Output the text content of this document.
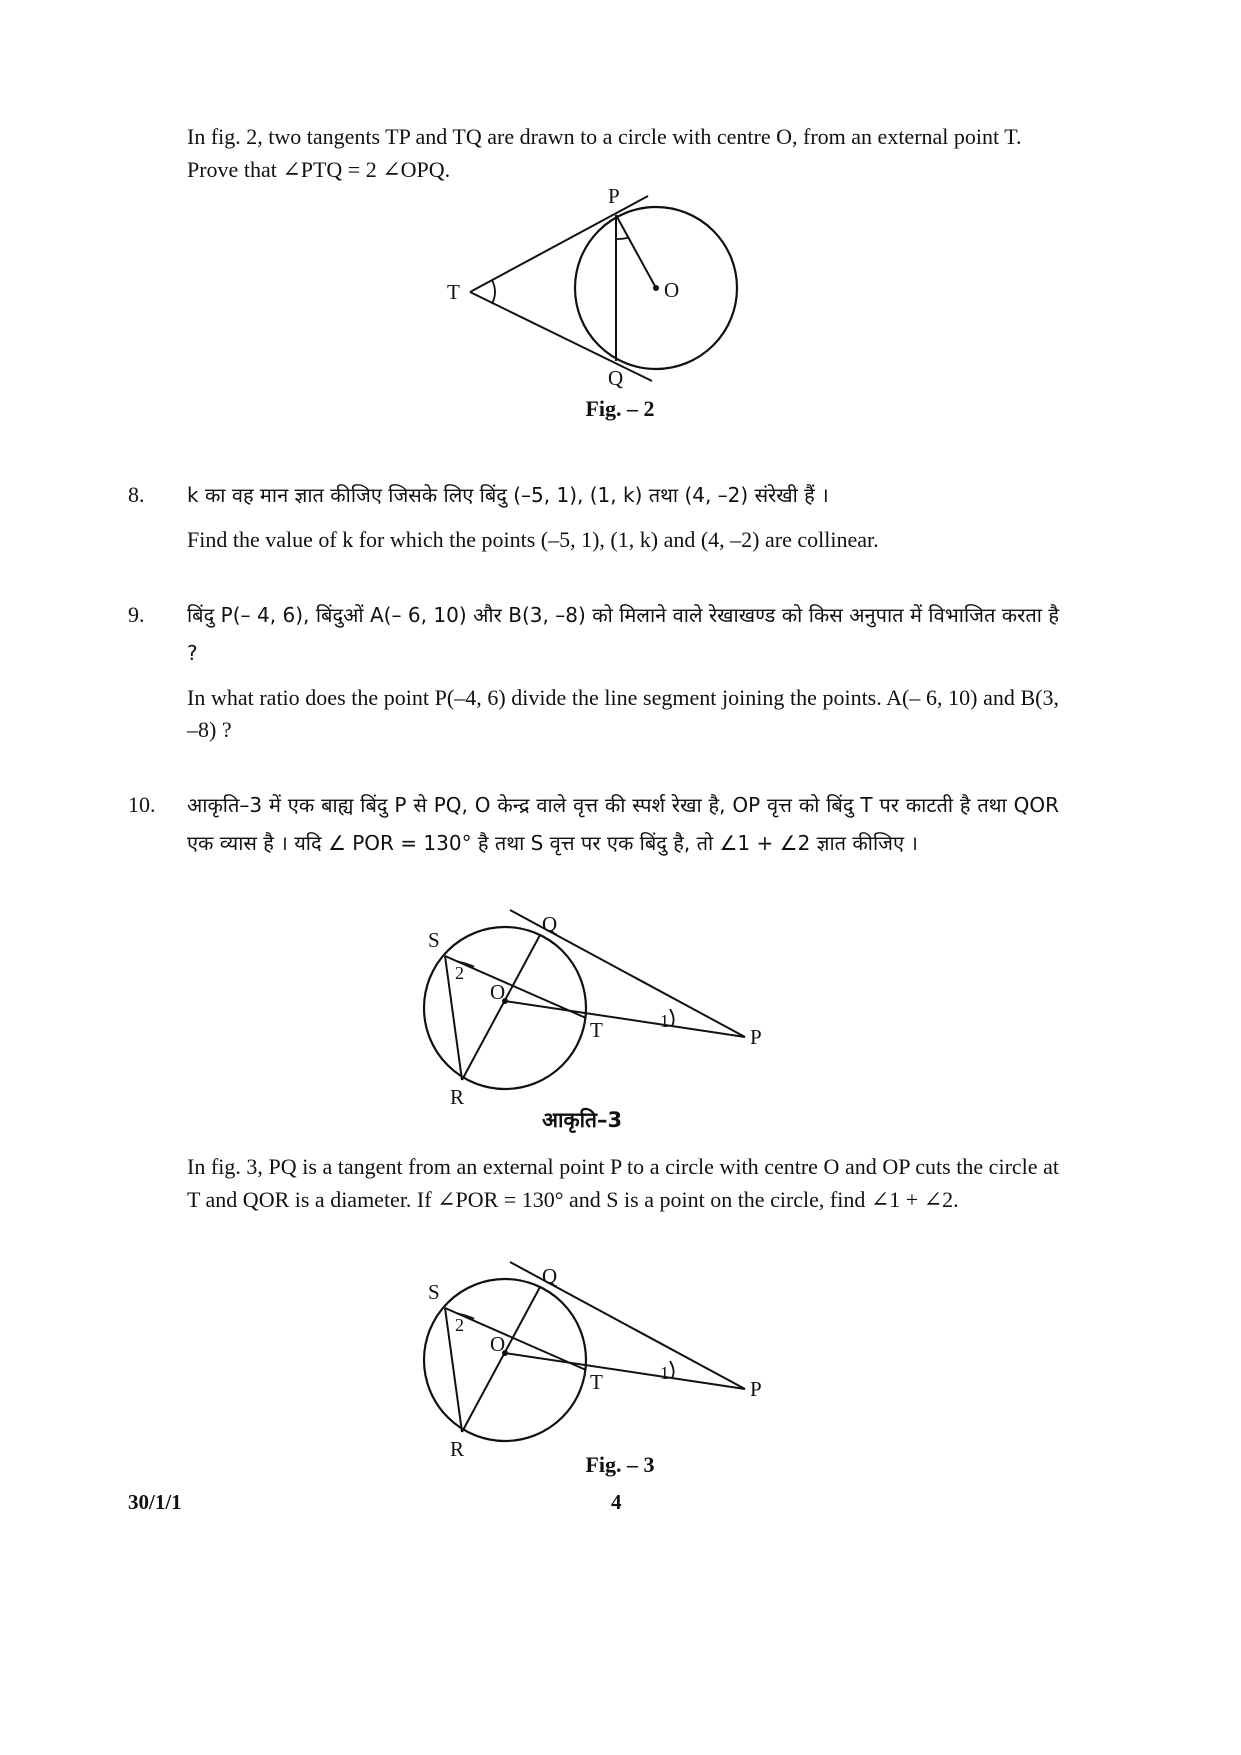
In fig. 2, two tangents TP and TQ are drawn to a circle with centre O, from an external point T. Prove that ∠PTQ = 2 ∠OPQ.
P
T	O
Q
Fig. – 2
8. k का वह मान ज्ञात कीजिए जिसके लिए बिंदु (–5, 1), (1, k) तथा (4, –2) संरेखी हैं ।
Find the value of k for which the points (–5, 1), (1, k) and (4, –2) are collinear.
9. बिंदु P(– 4, 6), बिंदुओं A(– 6, 10) और B(3, –8) को मिलाने वाले रेखाखण्ड को किस अनुपात में विभाजित करता है ?
In what ratio does the point P(–4, 6) divide the line segment joining the points. A(– 6, 10) and B(3, –8) ?
10. आकृति–3 में एक बाह्य बिंदु P से PQ, O केन्द्र वाले वृत्त की स्पर्श रेखा है, OP वृत्त को बिंदु T पर काटती है तथा QOR एक व्यास है । यदि ∠ POR = 130° है तथा S वृत्त पर एक बिंदु है, तो ∠1 + ∠2 ज्ञात कीजिए ।
S
Q
O
T	P
R
2
1
आकृति–3
In fig. 3, PQ is a tangent from an external point P to a circle with centre O and OP cuts the circle at T and QOR is a diameter. If ∠POR = 130° and S is a point on the circle, find ∠1 + ∠2.
S
Q
O
T	P
R
2
1
Fig. – 3
30/1/1	4
